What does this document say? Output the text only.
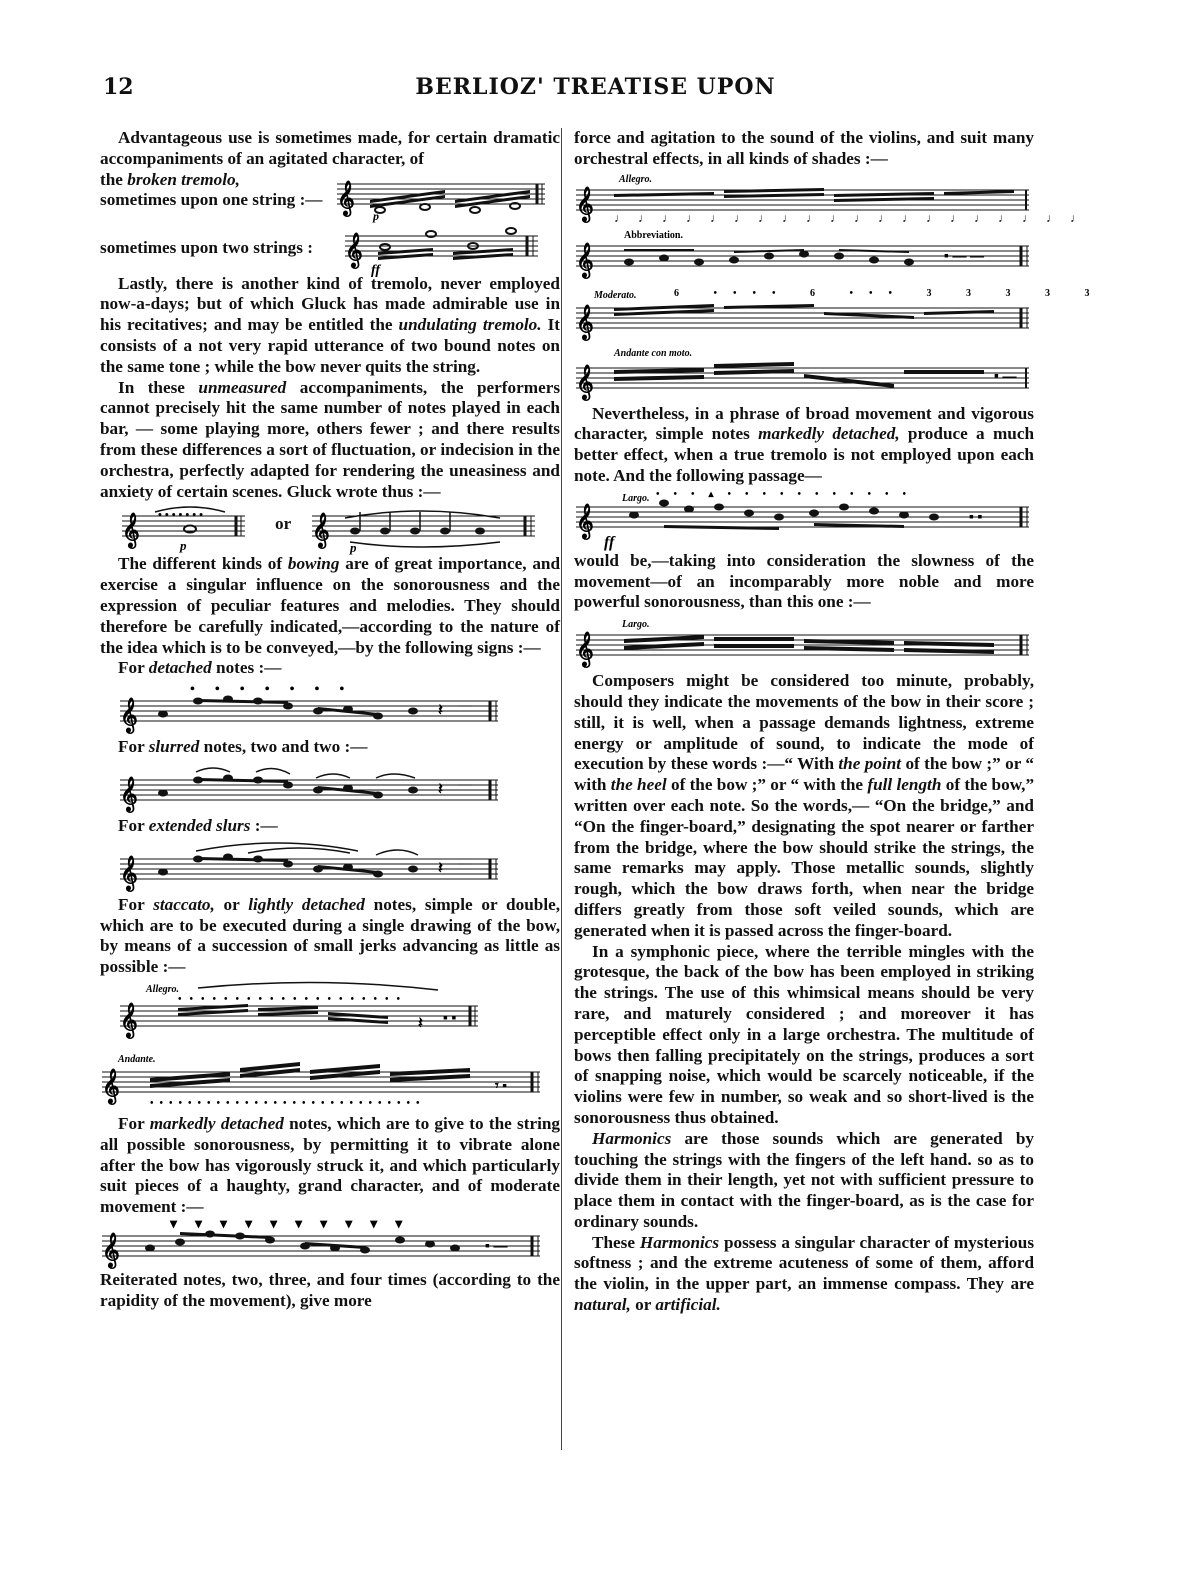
12	BERLIOZ' TREATISE UPON

Advantageous use is sometimes made, for certain dramatic accompaniments of an agitated character, of

the broken tremolo,
sometimes upon one string :— 𝄞
p
sometimes upon two strings : 𝄞
ff

Lastly, there is another kind of tremolo, never employed now-a-days; but of which Gluck has made admirable use in his recitatives; and may be entitled the undulating tremolo. It consists of a not very rapid utterance of two bound notes on the same tone ; while the bow never quits the string.

In these unmeasured accompaniments, the performers cannot precisely hit the same number of notes played in each bar, — some playing more, others fewer ; and there results from these differences a sort of fluctuation, or indecision in the orchestra, perfectly adapted for rendering the uneasiness and anxiety of certain scenes. Gluck wrote thus :—

𝄞 •••••••
p
or 𝄞
p

The different kinds of bowing are of great importance, and exercise a singular influence on the sonorousness and the expression of peculiar features and melodies. They should therefore be carefully indicated,—according to the nature of the idea which is to be conveyed,—by the following signs :—

For detached notes :—

𝄞
•••••••
𝄽 —

For slurred notes, two and two :—

𝄞	𝄽 —

For extended slurs :—

𝄞	𝄽 —

For staccato, or lightly detached notes, simple or double, which are to be executed during a single drawing of the bow, by means of a succession of small jerks advancing as little as possible :—

Allegro.
𝄞
••••••••••••••••••••
𝄽 ▪ ▪
Andante.
𝄞
•••••••••••••••••••••••••••••
𝄾 ▪

For markedly detached notes, which are to give to the string all possible sonorousness, by permitting it to vibrate alone after the bow has vigorously struck it, and which particularly suit pieces of a haughty, grand character, and of moderate movement :—

𝄞
▾▾▾▾▾▾▾▾▾▾
▪ —

Reiterated notes, two, three, and four times (according to the rapidity of the movement), give more

force and agitation to the sound of the violins, and suit many orchestral effects, in all kinds of shades :—

Allegro.
𝄞 ♩♩♩♩♩♩♩♩♩♩♩♩♩♩♩♩♩♩♩♩
Abbreviation.
𝄞	▪ — —
Moderato.	6 •••• 6 ••• 3 3 3 3 3
𝄞
Andante con moto.
𝄞	▪ —

Nevertheless, in a phrase of broad movement and vigorous character, simple notes markedly detached, produce a much better effect, when a true tremolo is not employed upon each note. And the following passage—

Largo. •••▴•••••••••••
𝄞
ff
▪ ▪

would be,—taking into consideration the slowness of the movement—of an incomparably more noble and more powerful sonorousness, than this one :—

Largo.
𝄞

Composers might be considered too minute, probably, should they indicate the movements of the bow in their score ; still, it is well, when a passage demands lightness, extreme energy or amplitude of sound, to indicate the mode of execution by these words :—“ With the point of the bow ;” or “ with the heel of the bow ;” or “ with the full length of the bow,” written over each note. So the words,— “On the bridge,” and “On the finger-board,” designating the spot nearer or farther from the bridge, where the bow should strike the strings, the same remarks may apply. Those metallic sounds, slightly rough, which the bow draws forth, when near the bridge differs greatly from those soft veiled sounds, which are generated when it is passed across the finger-board.

In a symphonic piece, where the terrible mingles with the grotesque, the back of the bow has been employed in striking the strings. The use of this whimsical means should be very rare, and maturely considered ; and moreover it has perceptible effect only in a large orchestra. The multitude of bows then falling precipitately on the strings, produces a sort of snapping noise, which would be scarcely noticeable, if the violins were few in number, so weak and so short-lived is the sonorousness thus obtained.

Harmonics are those sounds which are generated by touching the strings with the fingers of the left hand. so as to divide them in their length, yet not with sufficient pressure to place them in contact with the finger-board, as is the case for ordinary sounds.

These Harmonics possess a singular character of mysterious softness ; and the extreme acuteness of some of them, afford the violin, in the upper part, an immense compass. They are natural, or artificial.
